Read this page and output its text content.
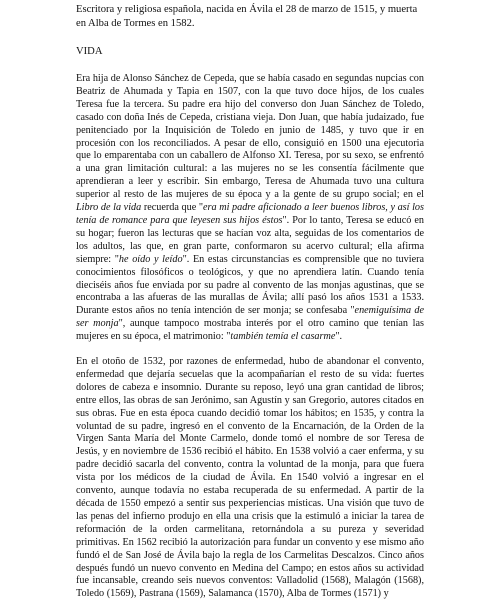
Escritora y religiosa española, nacida en Ávila el 28 de marzo de 1515, y muerta en Alba de Tormes en 1582.

VIDA

Era hija de Alonso Sánchez de Cepeda, que se había casado en segundas nupcias con Beatriz de Ahumada y Tapia en 1507, con la que tuvo doce hijos, de los cuales Teresa fue la tercera. Su padre era hijo del converso don Juan Sánchez de Toledo, casado con doña Inés de Cepeda, cristiana vieja. Don Juan, que había judaizado, fue penitenciado por la Inquisición de Toledo en junio de 1485, y tuvo que ir en procesión con los reconciliados. A pesar de ello, consiguió en 1500 una ejecutoria que lo emparentaba con un caballero de Alfonso XI. Teresa, por su sexo, se enfrentó a una gran limitación cultural: a las mujeres no se les consentía fácilmente que aprendieran a leer y escribir. Sin embargo, Teresa de Ahumada tuvo una cultura superior al resto de las mujeres de su época y a la gente de su grupo social; en el Libro de la vida recuerda que "era mi padre aficionado a leer buenos libros, y así los tenía de romance para que leyesen sus hijos éstos". Por lo tanto, Teresa se educó en su hogar; fueron las lecturas que se hacían voz alta, seguidas de los comentarios de los adultos, las que, en gran parte, conformaron su acervo cultural; ella afirma siempre: "he oído y leído". En estas circunstancias es comprensible que no tuviera conocimientos filosóficos o teológicos, y que no aprendiera latín. Cuando tenía dieciséis años fue enviada por su padre al convento de las monjas agustinas, que se encontraba a las afueras de las murallas de Ávila; allí pasó los años 1531 a 1533. Durante estos años no tenía intención de ser monja; se confesaba "enemiguísima de ser monja", aunque tampoco mostraba interés por el otro camino que tenían las mujeres en su época, el matrimonio: "también temía el casarme".

En el otoño de 1532, por razones de enfermedad, hubo de abandonar el convento, enfermedad que dejaría secuelas que la acompañarían el resto de su vida: fuertes dolores de cabeza e insomnio. Durante su reposo, leyó una gran cantidad de libros; entre ellos, las obras de san Jerónimo, san Agustín y san Gregorio, autores citados en sus obras. Fue en esta época cuando decidió tomar los hábitos; en 1535, y contra la voluntad de su padre, ingresó en el convento de la Encarnación, de la Orden de la Virgen Santa María del Monte Carmelo, donde tomó el nombre de sor Teresa de Jesús, y en noviembre de 1536 recibió el hábito. En 1538 volvió a caer enferma, y su padre decidió sacarla del convento, contra la voluntad de la monja, para que fuera vista por los médicos de la ciudad de Ávila. En 1540 volvió a ingresar en el convento, aunque todavía no estaba recuperada de su enfermedad. A partir de la década de 1550 empezó a sentir sus pexperiencias místicas. Una visión que tuvo de las penas del infierno produjo en ella una crisis que la estimuló a iniciar la tarea de reformación de la orden carmelitana, retornándola a su pureza y severidad primitivas. En 1562 recibió la autorización para fundar un convento y ese mismo año fundó el de San José de Ávila bajo la regla de los Carmelitas Descalzos. Cinco años después fundó un nuevo convento en Medina del Campo; en estos años su actividad fue incansable, creando seis nuevos conventos: Valladolid (1568), Malagón (1568), Toledo (1569), Pastrana (1569), Salamanca (1570), Alba de Tormes (1571) y
